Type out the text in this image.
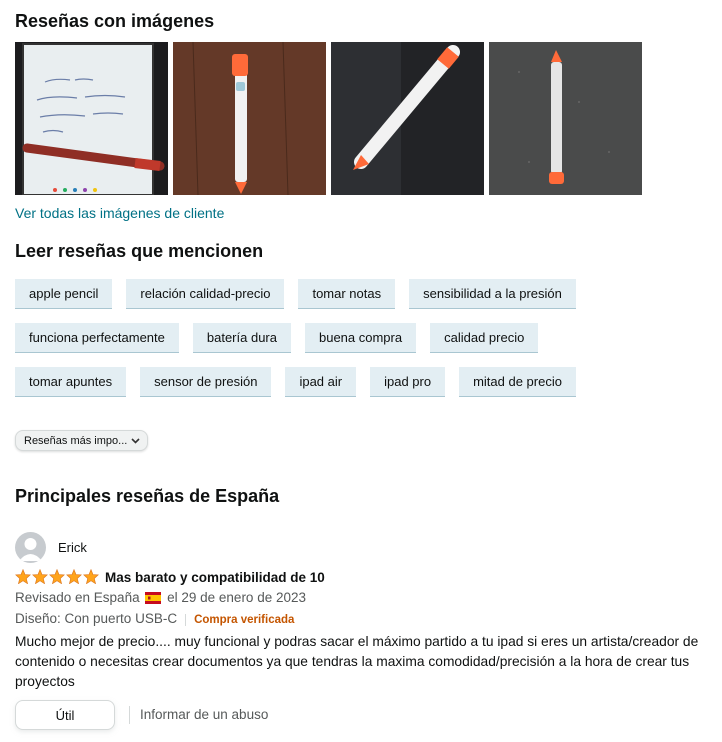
Reseñas con imágenes
Ver todas las imágenes de cliente
Leer reseñas que mencionen
apple pencil	relación calidad-precio	tomar notas	sensibilidad a la presión
funciona perfectamente	batería dura	buena compra	calidad precio
tomar apuntes	sensor de presión	ipad air	ipad pro	mitad de precio
Reseñas más impo...
Principales reseñas de España
Erick
Mas barato y compatibilidad de 10
Revisado en España el 29 de enero de 2023
Diseño: Con puerto USB-C Compra verificada
Mucho mejor de precio.... muy funcional y podras sacar el máximo partido a tu ipad si eres un artista/creador de contenido o necesitas crear documentos ya que tendras la maxima comodidad/precisión a la hora de crear tus proyectos
Útil	Informar de un abuso
